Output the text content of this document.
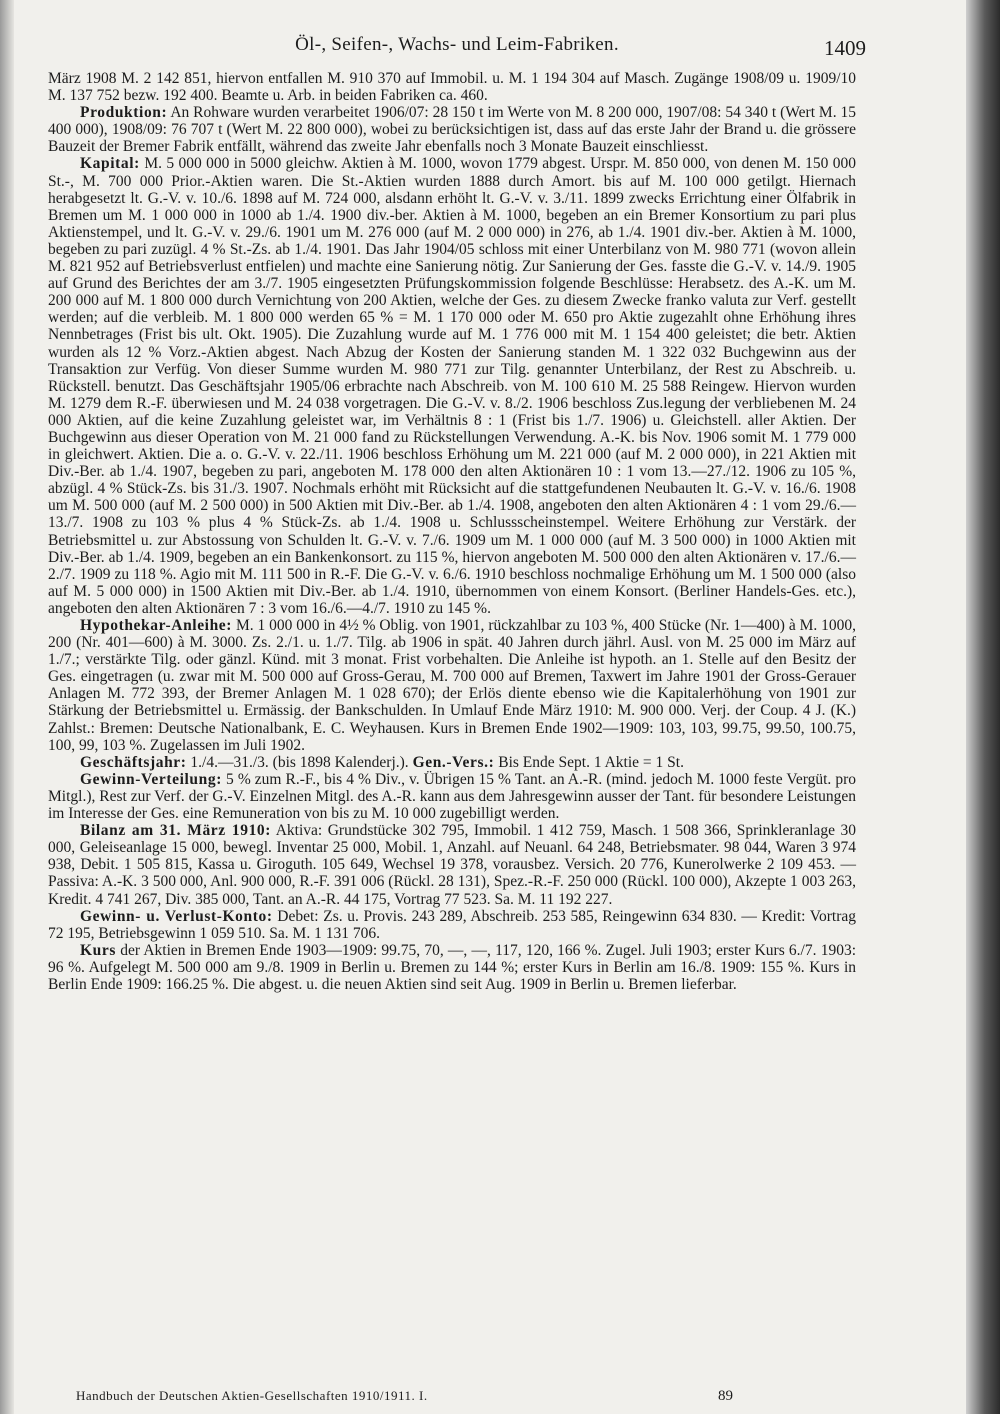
Öl-, Seifen-, Wachs- und Leim-Fabriken.	1409

März 1908 M. 2 142 851, hiervon entfallen M. 910 370 auf Immobil. u. M. 1 194 304 auf Masch. Zugänge 1908/09 u. 1909/10 M. 137 752 bezw. 192 400. Beamte u. Arb. in beiden Fabriken ca. 460.

Produktion: An Rohware wurden verarbeitet 1906/07: 28 150 t im Werte von M. 8 200 000, 1907/08: 54 340 t (Wert M. 15 400 000), 1908/09: 76 707 t (Wert M. 22 800 000), wobei zu berücksichtigen ist, dass auf das erste Jahr der Brand u. die grössere Bauzeit der Bremer Fabrik entfällt, während das zweite Jahr ebenfalls noch 3 Monate Bauzeit einschliesst.

Kapital: M. 5 000 000 in 5000 gleichw. Aktien à M. 1000, wovon 1779 abgest. Urspr. M. 850 000, von denen M. 150 000 St.-, M. 700 000 Prior.-Aktien waren. Die St.-Aktien wurden 1888 durch Amort. bis auf M. 100 000 getilgt. Hiernach herabgesetzt lt. G.-V. v. 10./6. 1898 auf M. 724 000, alsdann erhöht lt. G.-V. v. 3./11. 1899 zwecks Errichtung einer Ölfabrik in Bremen um M. 1 000 000 in 1000 ab 1./4. 1900 div.-ber. Aktien à M. 1000, begeben an ein Bremer Konsortium zu pari plus Aktienstempel, und lt. G.-V. v. 29./6. 1901 um M. 276 000 (auf M. 2 000 000) in 276, ab 1./4. 1901 div.-ber. Aktien à M. 1000, begeben zu pari zuzügl. 4 % St.-Zs. ab 1./4. 1901. Das Jahr 1904/05 schloss mit einer Unterbilanz von M. 980 771 (wovon allein M. 821 952 auf Betriebsverlust entfielen) und machte eine Sanierung nötig. Zur Sanierung der Ges. fasste die G.-V. v. 14./9. 1905 auf Grund des Berichtes der am 3./7. 1905 eingesetzten Prüfungskommission folgende Beschlüsse: Herabsetz. des A.-K. um M. 200 000 auf M. 1 800 000 durch Vernichtung von 200 Aktien, welche der Ges. zu diesem Zwecke franko valuta zur Verf. gestellt werden; auf die verbleib. M. 1 800 000 werden 65 % = M. 1 170 000 oder M. 650 pro Aktie zugezahlt ohne Erhöhung ihres Nennbetrages (Frist bis ult. Okt. 1905). Die Zuzahlung wurde auf M. 1 776 000 mit M. 1 154 400 geleistet; die betr. Aktien wurden als 12 % Vorz.-Aktien abgest. Nach Abzug der Kosten der Sanierung standen M. 1 322 032 Buchgewinn aus der Transaktion zur Verfüg. Von dieser Summe wurden M. 980 771 zur Tilg. genannter Unterbilanz, der Rest zu Abschreib. u. Rückstell. benutzt. Das Geschäftsjahr 1905/06 erbrachte nach Abschreib. von M. 100 610 M. 25 588 Reingew. Hiervon wurden M. 1279 dem R.-F. überwiesen und M. 24 038 vorgetragen. Die G.-V. v. 8./2. 1906 beschloss Zus.legung der verbliebenen M. 24 000 Aktien, auf die keine Zuzahlung geleistet war, im Verhältnis 8 : 1 (Frist bis 1./7. 1906) u. Gleichstell. aller Aktien. Der Buchgewinn aus dieser Operation von M. 21 000 fand zu Rückstellungen Verwendung. A.-K. bis Nov. 1906 somit M. 1 779 000 in gleichwert. Aktien. Die a. o. G.-V. v. 22./11. 1906 beschloss Erhöhung um M. 221 000 (auf M. 2 000 000), in 221 Aktien mit Div.-Ber. ab 1./4. 1907, begeben zu pari, angeboten M. 178 000 den alten Aktionären 10 : 1 vom 13.—27./12. 1906 zu 105 %, abzügl. 4 % Stück-Zs. bis 31./3. 1907. Nochmals erhöht mit Rücksicht auf die stattgefundenen Neubauten lt. G.-V. v. 16./6. 1908 um M. 500 000 (auf M. 2 500 000) in 500 Aktien mit Div.-Ber. ab 1./4. 1908, angeboten den alten Aktionären 4 : 1 vom 29./6.—13./7. 1908 zu 103 % plus 4 % Stück-Zs. ab 1./4. 1908 u. Schlussscheinstempel. Weitere Erhöhung zur Verstärk. der Betriebsmittel u. zur Abstossung von Schulden lt. G.-V. v. 7./6. 1909 um M. 1 000 000 (auf M. 3 500 000) in 1000 Aktien mit Div.-Ber. ab 1./4. 1909, begeben an ein Bankenkonsort. zu 115 %, hiervon angeboten M. 500 000 den alten Aktionären v. 17./6.—2./7. 1909 zu 118 %. Agio mit M. 111 500 in R.-F. Die G.-V. v. 6./6. 1910 beschloss nochmalige Erhöhung um M. 1 500 000 (also auf M. 5 000 000) in 1500 Aktien mit Div.-Ber. ab 1./4. 1910, übernommen von einem Konsort. (Berliner Handels-Ges. etc.), angeboten den alten Aktionären 7 : 3 vom 16./6.—4./7. 1910 zu 145 %.

Hypothekar-Anleihe: M. 1 000 000 in 4½ % Oblig. von 1901, rückzahlbar zu 103 %, 400 Stücke (Nr. 1—400) à M. 1000, 200 (Nr. 401—600) à M. 3000. Zs. 2./1. u. 1./7. Tilg. ab 1906 in spät. 40 Jahren durch jährl. Ausl. von M. 25 000 im März auf 1./7.; verstärkte Tilg. oder gänzl. Künd. mit 3 monat. Frist vorbehalten. Die Anleihe ist hypoth. an 1. Stelle auf den Besitz der Ges. eingetragen (u. zwar mit M. 500 000 auf Gross-Gerau, M. 700 000 auf Bremen, Taxwert im Jahre 1901 der Gross-Gerauer Anlagen M. 772 393, der Bremer Anlagen M. 1 028 670); der Erlös diente ebenso wie die Kapitalerhöhung von 1901 zur Stärkung der Betriebsmittel u. Ermässig. der Bankschulden. In Umlauf Ende März 1910: M. 900 000. Verj. der Coup. 4 J. (K.) Zahlst.: Bremen: Deutsche Nationalbank, E. C. Weyhausen. Kurs in Bremen Ende 1902—1909: 103, 103, 99.75, 99.50, 100.75, 100, 99, 103 %. Zugelassen im Juli 1902.

Geschäftsjahr: 1./4.—31./3. (bis 1898 Kalenderj.). Gen.-Vers.: Bis Ende Sept. 1 Aktie = 1 St.

Gewinn-Verteilung: 5 % zum R.-F., bis 4 % Div., v. Übrigen 15 % Tant. an A.-R. (mind. jedoch M. 1000 feste Vergüt. pro Mitgl.), Rest zur Verf. der G.-V. Einzelnen Mitgl. des A.-R. kann aus dem Jahresgewinn ausser der Tant. für besondere Leistungen im Interesse der Ges. eine Remuneration von bis zu M. 10 000 zugebilligt werden.

Bilanz am 31. März 1910: Aktiva: Grundstücke 302 795, Immobil. 1 412 759, Masch. 1 508 366, Sprinkleranlage 30 000, Geleiseanlage 15 000, bewegl. Inventar 25 000, Mobil. 1, Anzahl. auf Neuanl. 64 248, Betriebsmater. 98 044, Waren 3 974 938, Debit. 1 505 815, Kassa u. Giroguth. 105 649, Wechsel 19 378, vorausbez. Versich. 20 776, Kunerolwerke 2 109 453. — Passiva: A.-K. 3 500 000, Anl. 900 000, R.-F. 391 006 (Rückl. 28 131), Spez.-R.-F. 250 000 (Rückl. 100 000), Akzepte 1 003 263, Kredit. 4 741 267, Div. 385 000, Tant. an A.-R. 44 175, Vortrag 77 523. Sa. M. 11 192 227.

Gewinn- u. Verlust-Konto: Debet: Zs. u. Provis. 243 289, Abschreib. 253 585, Reingewinn 634 830. — Kredit: Vortrag 72 195, Betriebsgewinn 1 059 510. Sa. M. 1 131 706.

Kurs der Aktien in Bremen Ende 1903—1909: 99.75, 70, —, —, 117, 120, 166 %. Zugel. Juli 1903; erster Kurs 6./7. 1903: 96 %. Aufgelegt M. 500 000 am 9./8. 1909 in Berlin u. Bremen zu 144 %; erster Kurs in Berlin am 16./8. 1909: 155 %. Kurs in Berlin Ende 1909: 166.25 %. Die abgest. u. die neuen Aktien sind seit Aug. 1909 in Berlin u. Bremen lieferbar.

Handbuch der Deutschen Aktien-Gesellschaften 1910/1911. I.	89
